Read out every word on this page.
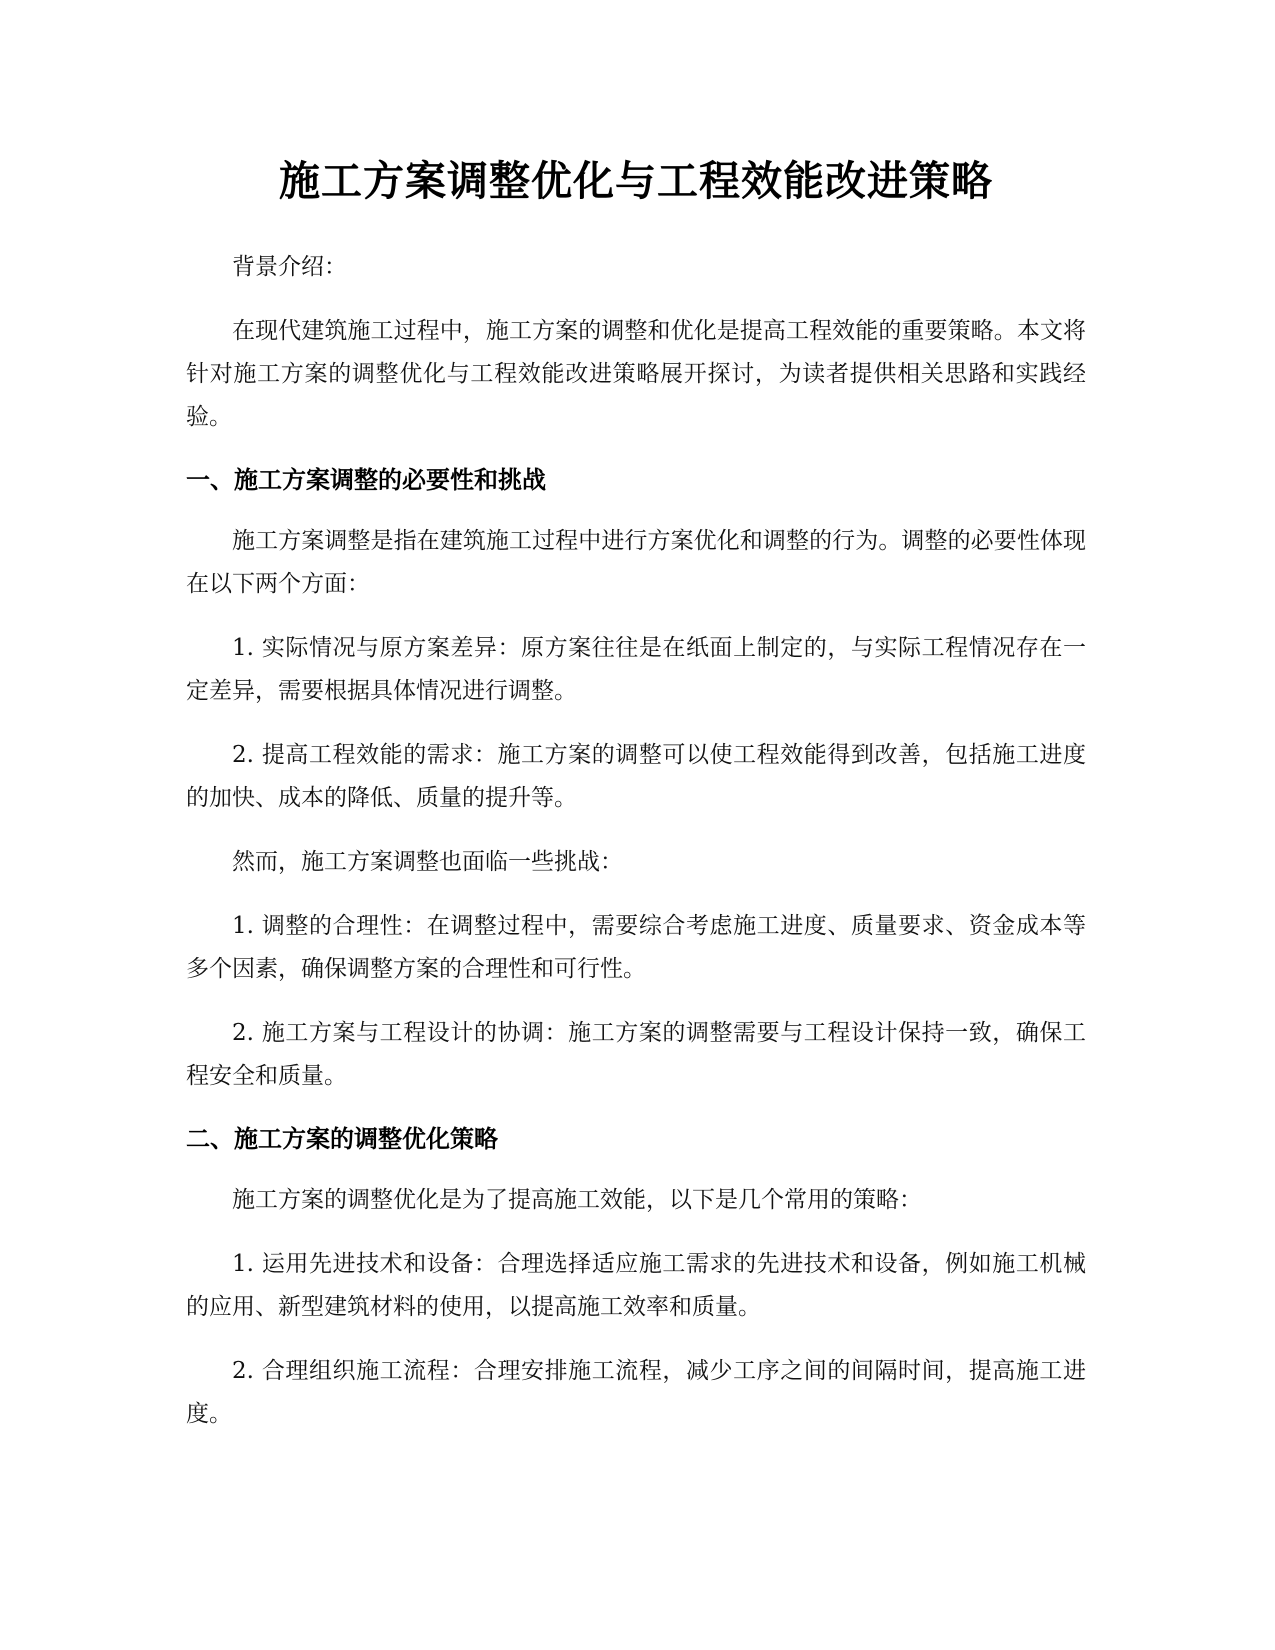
施工方案调整优化与工程效能改进策略

背景介绍：

在现代建筑施工过程中，施工方案的调整和优化是提高工程效能的重要策略。本文将针对施工方案的调整优化与工程效能改进策略展开探讨，为读者提供相关思路和实践经验。

一、施工方案调整的必要性和挑战

施工方案调整是指在建筑施工过程中进行方案优化和调整的行为。调整的必要性体现在以下两个方面：

1. 实际情况与原方案差异：原方案往往是在纸面上制定的，与实际工程情况存在一定差异，需要根据具体情况进行调整。

2. 提高工程效能的需求：施工方案的调整可以使工程效能得到改善，包括施工进度的加快、成本的降低、质量的提升等。

然而，施工方案调整也面临一些挑战：

1. 调整的合理性：在调整过程中，需要综合考虑施工进度、质量要求、资金成本等多个因素，确保调整方案的合理性和可行性。

2. 施工方案与工程设计的协调：施工方案的调整需要与工程设计保持一致，确保工程安全和质量。

二、施工方案的调整优化策略

施工方案的调整优化是为了提高施工效能，以下是几个常用的策略：

1. 运用先进技术和设备：合理选择适应施工需求的先进技术和设备，例如施工机械的应用、新型建筑材料的使用，以提高施工效率和质量。

2. 合理组织施工流程：合理安排施工流程，减少工序之间的间隔时间，提高施工进度。
